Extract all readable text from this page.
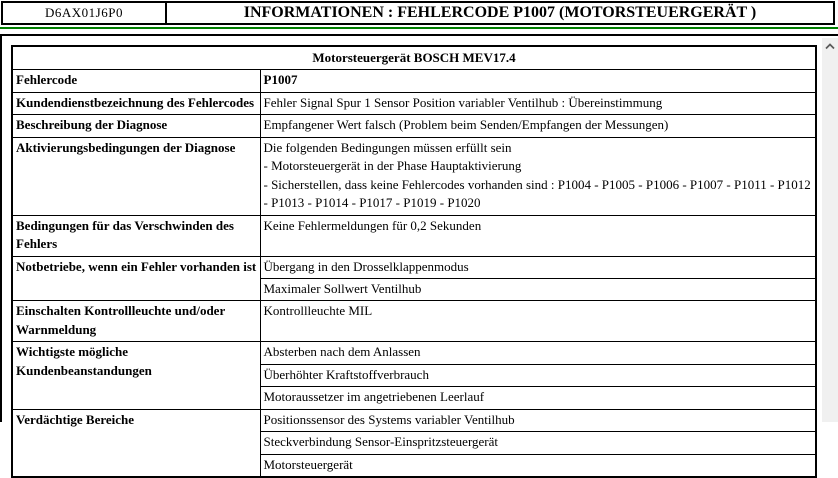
D6AX01J6P0	INFORMATIONEN : FEHLERCODE P1007 (MOTORSTEUERGERÄT )
Motorsteuergerät BOSCH MEV17.4	
Fehlercode	P1007
Kundendienstbezeichnung des Fehlercodes	Fehler Signal Spur 1 Sensor Position variabler Ventilhub : Übereinstimmung
Beschreibung der Diagnose	Empfangener Wert falsch (Problem beim Senden/Empfangen der Messungen)
Aktivierungsbedingungen der Diagnose	Die folgenden Bedingungen müssen erfüllt sein
- Motorsteuergerät in der Phase Hauptaktivierung
- Sicherstellen, dass keine Fehlercodes vorhanden sind : P1004 - P1005 - P1006 - P1007 - P1011 - P1012 - P1013 - P1014 - P1017 - P1019 - P1020

Bedingungen für das Verschwinden des Fehlers	Keine Fehlermeldungen für 0,2 Sekunden
Notbetriebe, wenn ein Fehler vorhanden ist	Übergang in den Drosselklappenmodus
	Maximaler Sollwert Ventilhub
Einschalten Kontrollleuchte und/oder Warnmeldung	Kontrollleuchte MIL
Wichtigste mögliche Kundenbeanstandungen	Absterben nach dem Anlassen
	Überhöhter Kraftstoffverbrauch
	Motoraussetzer im angetriebenen Leerlauf
Verdächtige Bereiche	Positionssensor des Systems variabler Ventilhub
	Steckverbindung Sensor-Einspritzsteuergerät
	Motorsteuergerät
